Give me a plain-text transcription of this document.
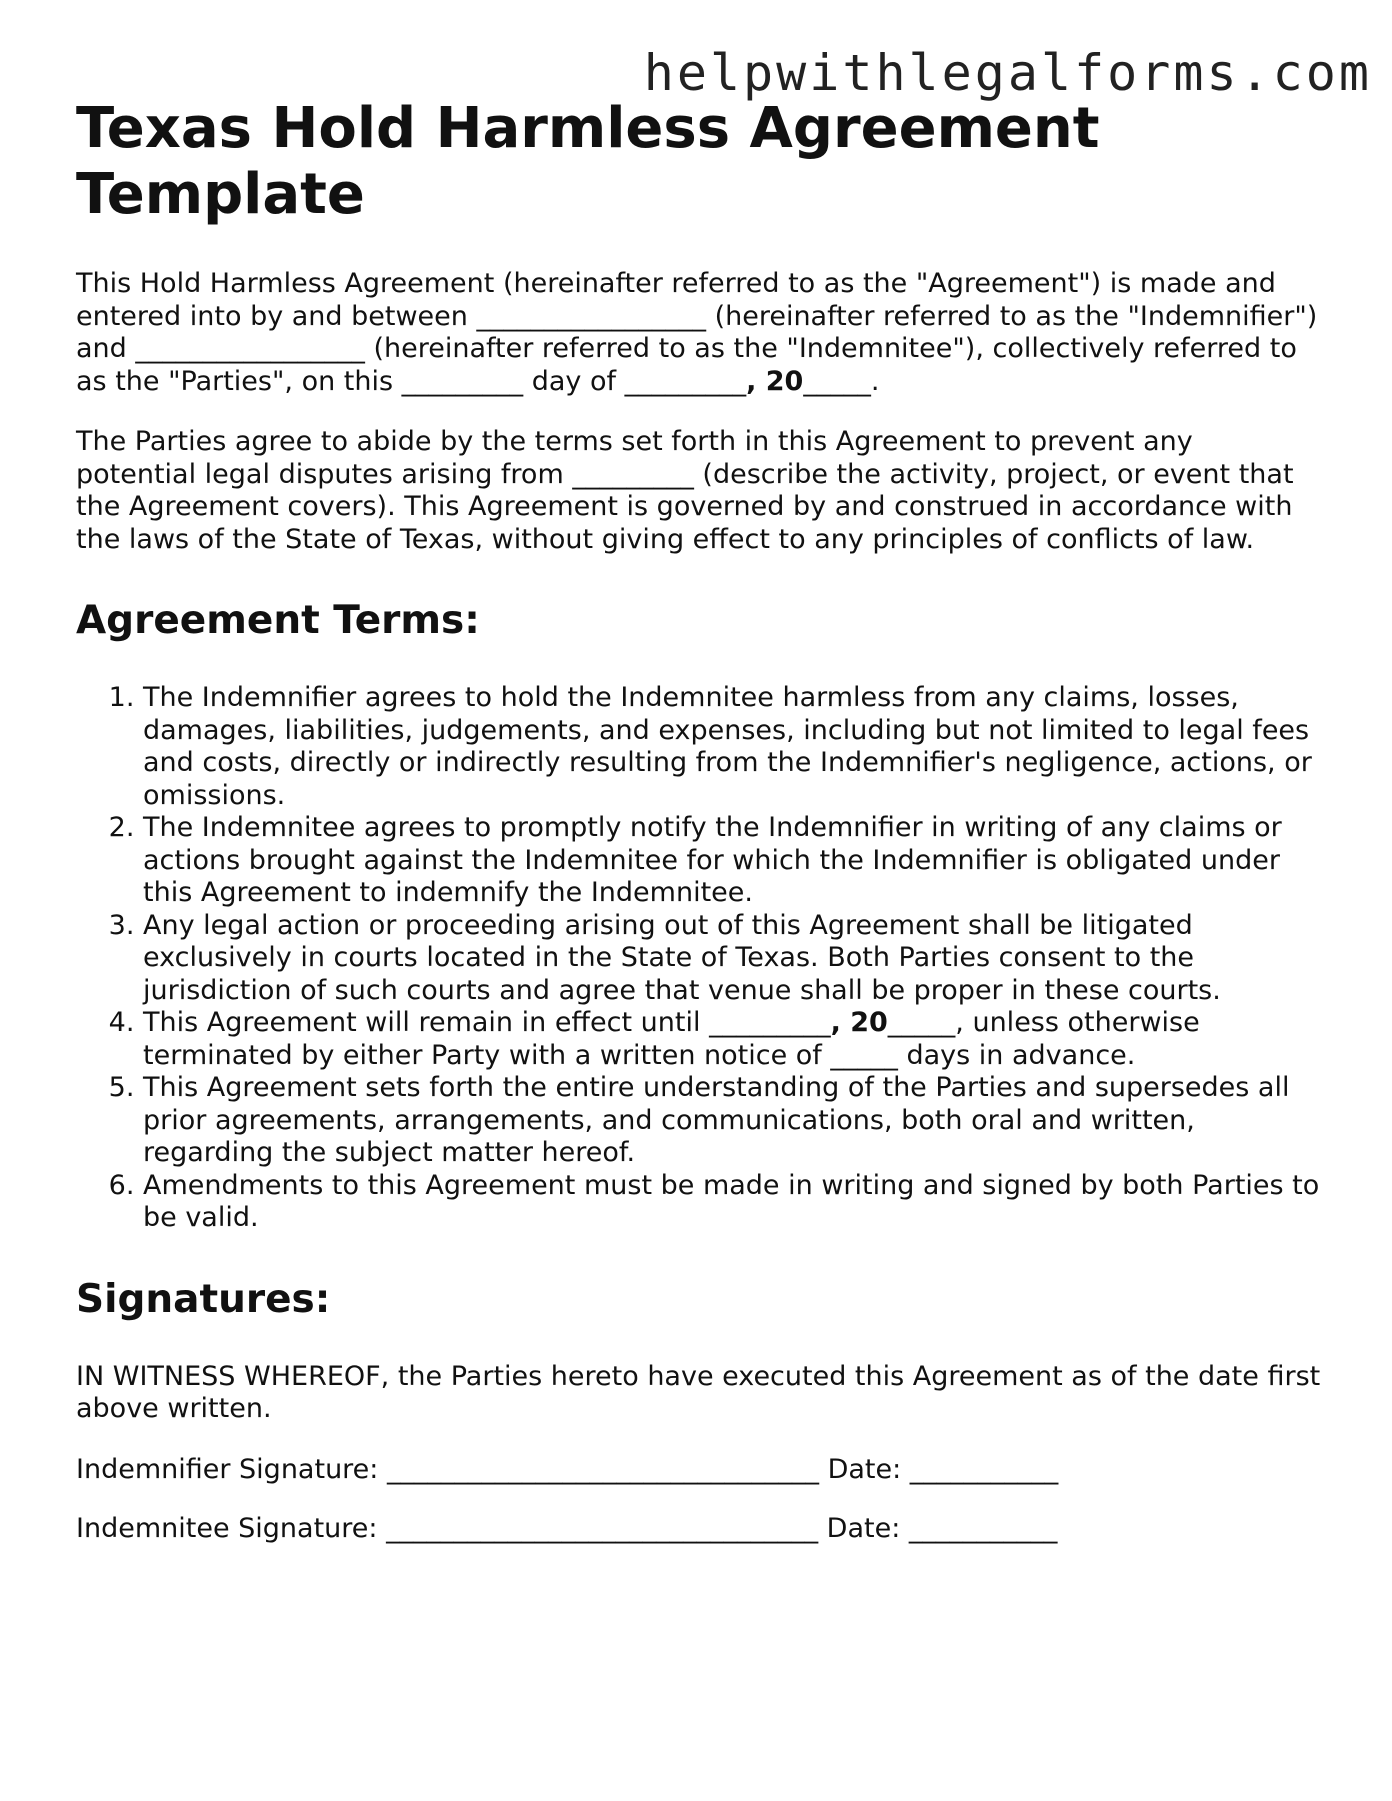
helpwithlegalforms.com
Texas Hold Harmless Agreement Template

This Hold Harmless Agreement (hereinafter referred to as the "Agreement") is made and entered into by and between _________________ (hereinafter referred to as the "Indemnifier") and _________________ (hereinafter referred to as the "Indemnitee"), collectively referred to as the "Parties", on this _________ day of _________, 20_____.

The Parties agree to abide by the terms set forth in this Agreement to prevent any potential legal disputes arising from _________ (describe the activity, project, or event that the Agreement covers). This Agreement is governed by and construed in accordance with the laws of the State of Texas, without giving effect to any principles of conflicts of law.

Agreement Terms:
1. The Indemnifier agrees to hold the Indemnitee harmless from any claims, losses, damages, liabilities, judgements, and expenses, including but not limited to legal fees and costs, directly or indirectly resulting from the Indemnifier's negligence, actions, or omissions.
2. The Indemnitee agrees to promptly notify the Indemnifier in writing of any claims or actions brought against the Indemnitee for which the Indemnifier is obligated under this Agreement to indemnify the Indemnitee.
3. Any legal action or proceeding arising out of this Agreement shall be litigated exclusively in courts located in the State of Texas. Both Parties consent to the jurisdiction of such courts and agree that venue shall be proper in these courts.
4. This Agreement will remain in effect until _________, 20_____, unless otherwise terminated by either Party with a written notice of _____ days in advance.
5. This Agreement sets forth the entire understanding of the Parties and supersedes all prior agreements, arrangements, and communications, both oral and written, regarding the subject matter hereof.
6. Amendments to this Agreement must be made in writing and signed by both Parties to be valid.
Signatures:

IN WITNESS WHEREOF, the Parties hereto have executed this Agreement as of the date first above written.

Indemnifier Signature: ________________________________ Date: ___________
Indemnitee Signature: ________________________________ Date: ___________
